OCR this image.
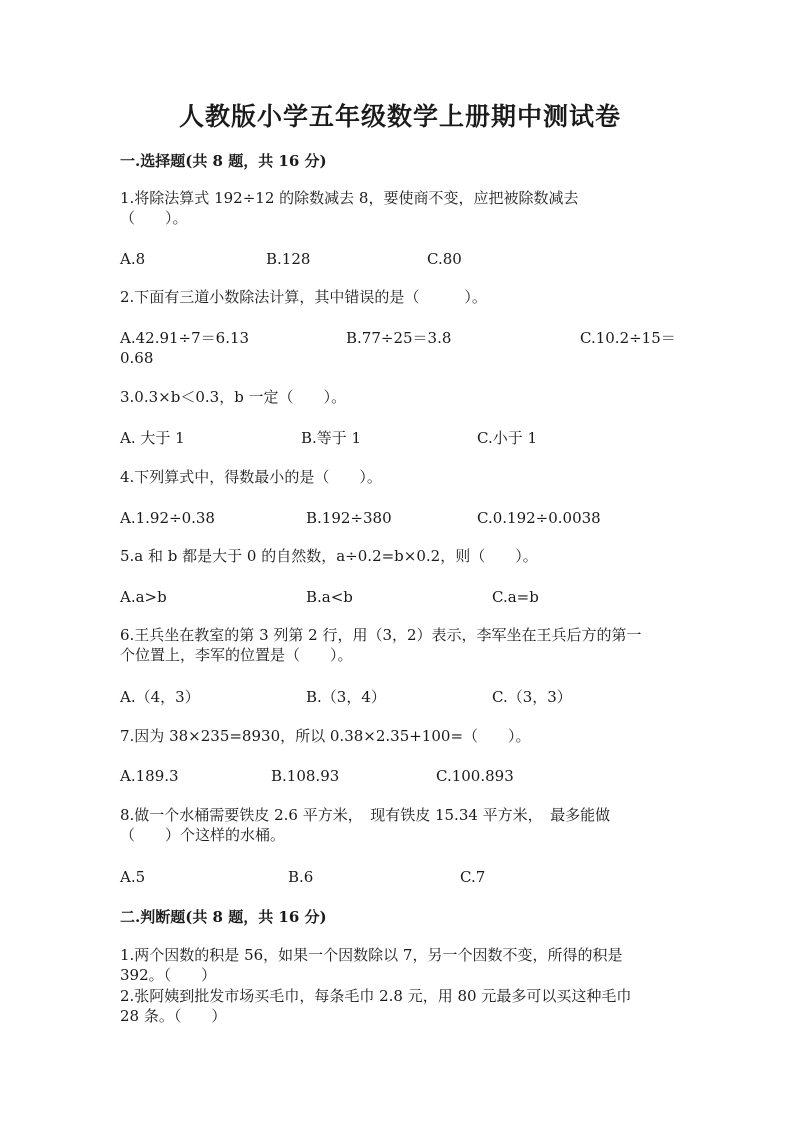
人教版小学五年级数学上册期中测试卷
一.选择题(共 8 题，共 16 分)
1.将除法算式 192÷12 的除数减去 8，要使商不变，应把被除数减去
（　　）。
A.8	B.128	C.80
2.下面有三道小数除法计算，其中错误的是（　　　）。
A.42.91÷7＝6.13	B.77÷25＝3.8	C.10.2÷15＝
0.68
3.0.3×b＜0.3，b 一定（　　）。
A. 大于 1	B.等于 1	C.小于 1
4.下列算式中，得数最小的是（　　）。
A.1.92÷0.38	B.192÷380	C.0.192÷0.0038
5.a 和 b 都是大于 0 的自然数，a÷0.2=b×0.2，则（　　）。
A.a>b	B.a<b	C.a=b
6.王兵坐在教室的第 3 列第 2 行，用（3，2）表示，李军坐在王兵后方的第一
个位置上，李军的位置是（　　）。
A.（4，3）	B.（3，4）	C.（3，3）
7.因为 38×235=8930，所以 0.38×2.35+100=（　　）。
A.189.3	B.108.93	C.100.893
8.做一个水桶需要铁皮 2.6 平方米，　现有铁皮 15.34 平方米，　最多能做
（　　）个这样的水桶。
A.5	B.6	C.7
二.判断题(共 8 题，共 16 分)
1.两个因数的积是 56，如果一个因数除以 7，另一个因数不变，所得的积是
392。（　　）
2.张阿姨到批发市场买毛巾，每条毛巾 2.8 元，用 80 元最多可以买这种毛巾
28 条。（　　）
